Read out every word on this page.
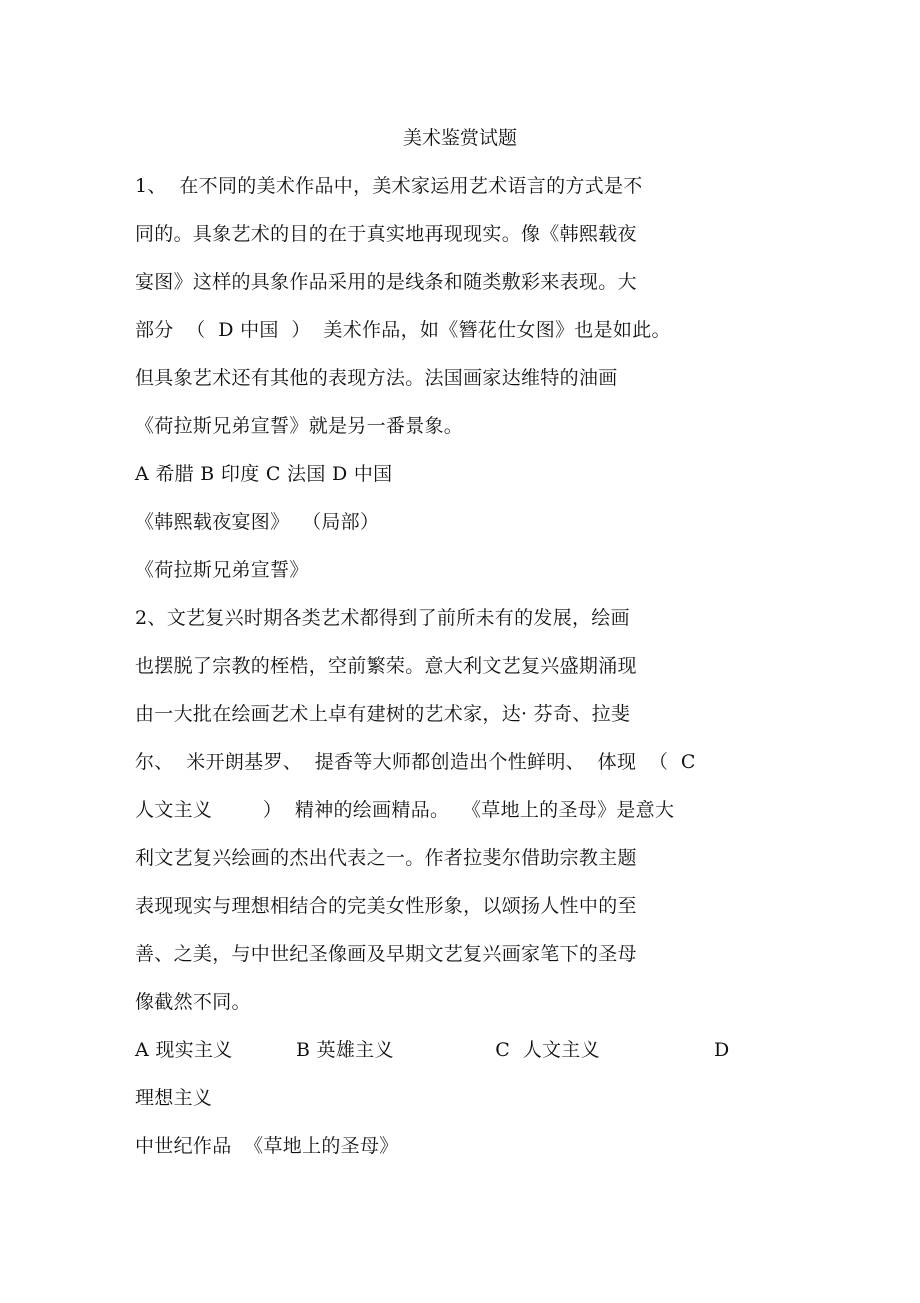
美术鉴赏试题
1、  在不同的美术作品中，美术家运用艺术语言的方式是不
同的。具象艺术的目的在于真实地再现现实。像《韩熙载夜
宴图》这样的具象作品采用的是线条和随类敷彩来表现。大
部分  （  D 中国  ）  美术作品，如《簪花仕女图》也是如此。
但具象艺术还有其他的表现方法。法国画家达维特的油画
《荷拉斯兄弟宣誓》就是另一番景象。
A 希腊 B 印度 C 法国 D 中国
《韩熙载夜宴图》  （局部）
《荷拉斯兄弟宣誓》
2、文艺复兴时期各类艺术都得到了前所未有的发展，绘画
也摆脱了宗教的桎梏，空前繁荣。意大利文艺复兴盛期涌现
由一大批在绘画艺术上卓有建树的艺术家，达· 芬奇、拉斐
尔、  米开朗基罗、  提香等大师都创造出个性鲜明、  体现  （  C
人文主义        ）  精神的绘画精品。  《草地上的圣母》是意大
利文艺复兴绘画的杰出代表之一。作者拉斐尔借助宗教主题
表现现实与理想相结合的完美女性形象，以颂扬人性中的至
善、之美，与中世纪圣像画及早期文艺复兴画家笔下的圣母
像截然不同。
A 现实主义          B 英雄主义                C  人文主义                  D
理想主义
中世纪作品  《草地上的圣母》
